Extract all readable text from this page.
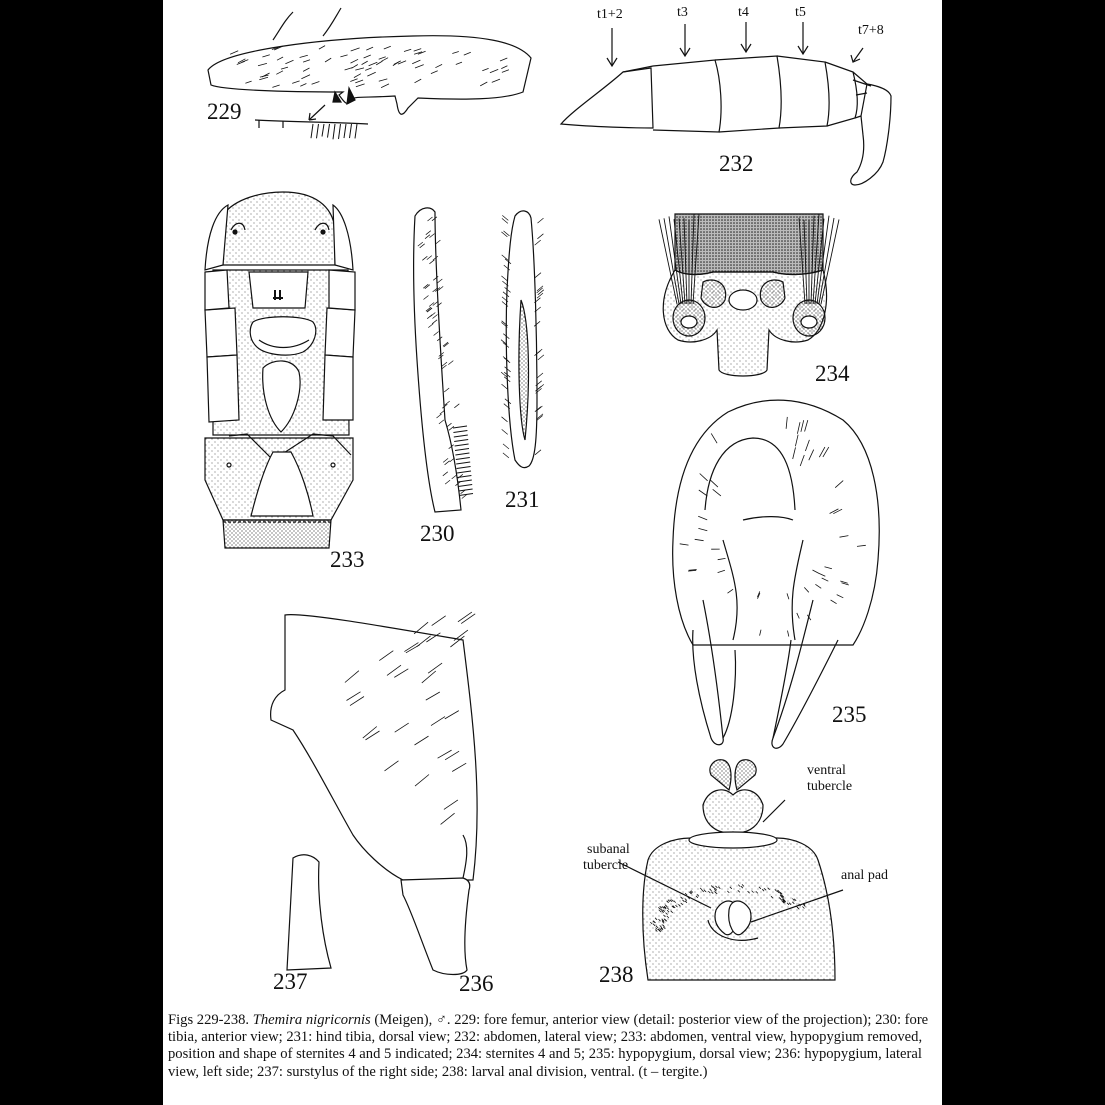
229
232
233
230
231
234
235
237	236	238
t1+2	t3	t4	t5
t7+8
ventral
tubercle
subanal
tubercle
anal pad
Figs 229-238. Themira nigricornis (Meigen), ♂. 229: fore femur, anterior view (detail: posterior view of the projection); 230: fore tibia, anterior view; 231: hind tibia, dorsal view; 232: abdomen, lateral view; 233: abdomen, ventral view, hypopygium removed, position and shape of sternites 4 and 5 indicated; 234: sternites 4 and 5; 235: hypopygium, dorsal view; 236: hypopygium, lateral view, left side; 237: surstylus of the right side; 238: larval anal division, ventral. (t – tergite.)
